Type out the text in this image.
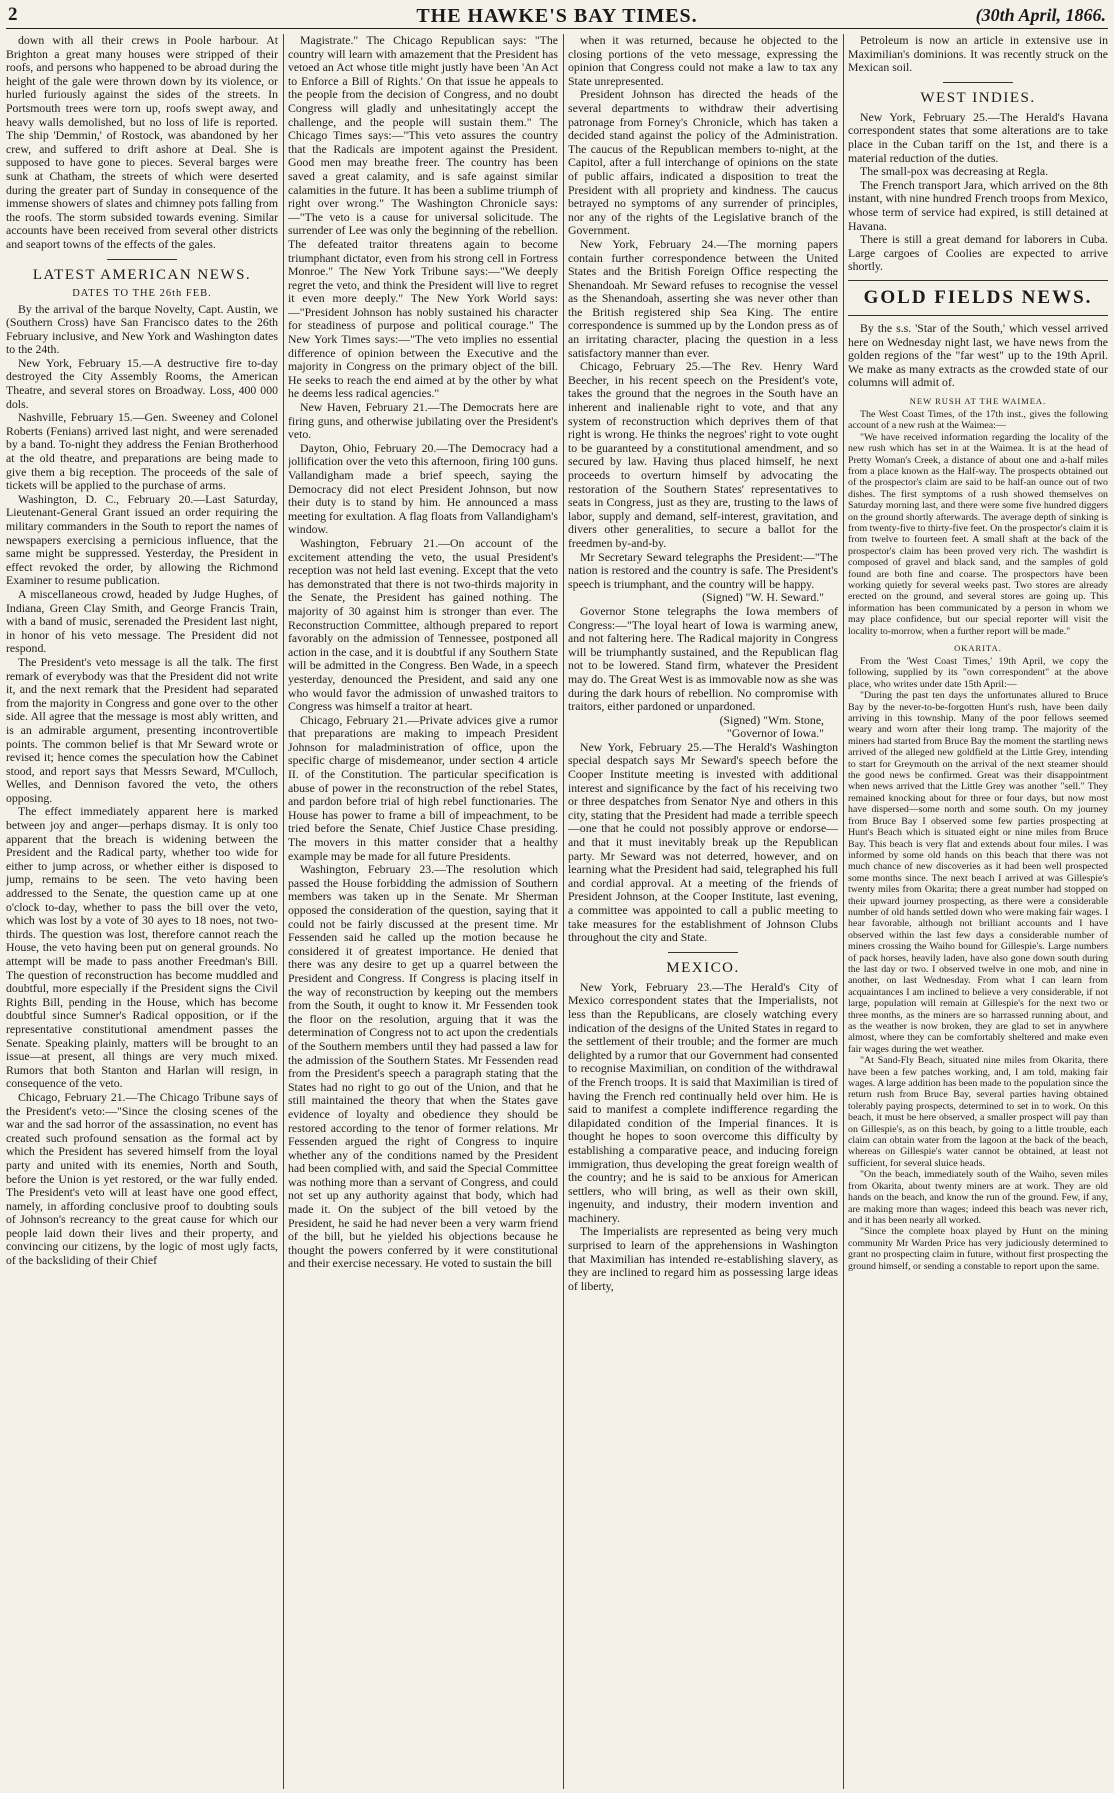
2	THE HAWKE'S BAY TIMES.	(30th April, 1866.

down with all their crews in Poole harbour. At Brighton a great many houses were stripped of their roofs, and persons who happened to be abroad during the height of the gale were thrown down by its violence, or hurled furiously against the sides of the streets. In Portsmouth trees were torn up, roofs swept away, and heavy walls demolished, but no loss of life is reported. The ship 'Demmin,' of Rostock, was abandoned by her crew, and suffered to drift ashore at Deal. She is supposed to have gone to pieces. Several barges were sunk at Chatham, the streets of which were deserted during the greater part of Sunday in consequence of the immense showers of slates and chimney pots falling from the roofs. The storm subsided towards evening. Similar accounts have been received from several other districts and seaport towns of the effects of the gales.

LATEST AMERICAN NEWS.
DATES TO THE 26th FEB.

By the arrival of the barque Novelty, Capt. Austin, we (Southern Cross) have San Francisco dates to the 26th February inclusive, and New York and Washington dates to the 24th.

New York, February 15.—A destructive fire to-day destroyed the City Assembly Rooms, the American Theatre, and several stores on Broadway. Loss, 400 000 dols.

Nashville, February 15.—Gen. Sweeney and Colonel Roberts (Fenians) arrived last night, and were serenaded by a band. To-night they address the Fenian Brotherhood at the old theatre, and preparations are being made to give them a big reception. The proceeds of the sale of tickets will be applied to the purchase of arms.

Washington, D. C., February 20.—Last Saturday, Lieutenant-General Grant issued an order requiring the military commanders in the South to report the names of newspapers exercising a pernicious influence, that the same might be suppressed. Yesterday, the President in effect revoked the order, by allowing the Richmond Examiner to resume publication.

A miscellaneous crowd, headed by Judge Hughes, of Indiana, Green Clay Smith, and George Francis Train, with a band of music, serenaded the President last night, in honor of his veto message. The President did not respond.

The President's veto message is all the talk. The first remark of everybody was that the President did not write it, and the next remark that the President had separated from the majority in Congress and gone over to the other side. All agree that the message is most ably written, and is an admirable argument, presenting incontrovertible points. The common belief is that Mr Seward wrote or revised it; hence comes the speculation how the Cabinet stood, and report says that Messrs Seward, M'Culloch, Welles, and Dennison favored the veto, the others opposing.

The effect immediately apparent here is marked between joy and anger—perhaps dismay. It is only too apparent that the breach is widening between the President and the Radical party, whether too wide for either to jump across, or whether either is disposed to jump, remains to be seen. The veto having been addressed to the Senate, the question came up at one o'clock to-day, whether to pass the bill over the veto, which was lost by a vote of 30 ayes to 18 noes, not two-thirds. The question was lost, therefore cannot reach the House, the veto having been put on general grounds. No attempt will be made to pass another Freedman's Bill. The question of reconstruction has become muddled and doubtful, more especially if the President signs the Civil Rights Bill, pending in the House, which has become doubtful since Sumner's Radical opposition, or if the representative constitutional amendment passes the Senate. Speaking plainly, matters will be brought to an issue—at present, all things are very much mixed. Rumors that both Stanton and Harlan will resign, in consequence of the veto.

Chicago, February 21.—The Chicago Tribune says of the President's veto:—"Since the closing scenes of the war and the sad horror of the assassination, no event has created such profound sensation as the formal act by which the President has severed himself from the loyal party and united with its enemies, North and South, before the Union is yet restored, or the war fully ended. The President's veto will at least have one good effect, namely, in affording conclusive proof to doubting souls of Johnson's recreancy to the great cause for which our people laid down their lives and their property, and convincing our citizens, by the logic of most ugly facts, of the backsliding of their Chief

Magistrate." The Chicago Republican says: "The country will learn with amazement that the President has vetoed an Act whose title might justly have been 'An Act to Enforce a Bill of Rights.' On that issue he appeals to the people from the decision of Congress, and no doubt Congress will gladly and unhesitatingly accept the challenge, and the people will sustain them." The Chicago Times says:—"This veto assures the country that the Radicals are impotent against the President. Good men may breathe freer. The country has been saved a great calamity, and is safe against similar calamities in the future. It has been a sublime triumph of right over wrong." The Washington Chronicle says:—"The veto is a cause for universal solicitude. The surrender of Lee was only the beginning of the rebellion. The defeated traitor threatens again to become triumphant dictator, even from his strong cell in Fortress Monroe." The New York Tribune says:—"We deeply regret the veto, and think the President will live to regret it even more deeply." The New York World says:—"President Johnson has nobly sustained his character for steadiness of purpose and political courage." The New York Times says:—"The veto implies no essential difference of opinion between the Executive and the majority in Congress on the primary object of the bill. He seeks to reach the end aimed at by the other by what he deems less radical agencies."

New Haven, February 21.—The Democrats here are firing guns, and otherwise jubilating over the President's veto.

Dayton, Ohio, February 20.—The Democracy had a jollification over the veto this afternoon, firing 100 guns. Vallandigham made a brief speech, saying the Democracy did not elect President Johnson, but now their duty is to stand by him. He announced a mass meeting for exultation. A flag floats from Vallandigham's window.

Washington, February 21.—On account of the excitement attending the veto, the usual President's reception was not held last evening. Except that the veto has demonstrated that there is not two-thirds majority in the Senate, the President has gained nothing. The majority of 30 against him is stronger than ever. The Reconstruction Committee, although prepared to report favorably on the admission of Tennessee, postponed all action in the case, and it is doubtful if any Southern State will be admitted in the Congress. Ben Wade, in a speech yesterday, denounced the President, and said any one who would favor the admission of unwashed traitors to Congress was himself a traitor at heart.

Chicago, February 21.—Private advices give a rumor that preparations are making to impeach President Johnson for maladministration of office, upon the specific charge of misdemeanor, under section 4 article II. of the Constitution. The particular specification is abuse of power in the reconstruction of the rebel States, and pardon before trial of high rebel functionaries. The House has power to frame a bill of impeachment, to be tried before the Senate, Chief Justice Chase presiding. The movers in this matter consider that a healthy example may be made for all future Presidents.

Washington, February 23.—The resolution which passed the House forbidding the admission of Southern members was taken up in the Senate. Mr Sherman opposed the consideration of the question, saying that it could not be fairly discussed at the present time. Mr Fessenden said he called up the motion because he considered it of greatest importance. He denied that there was any desire to get up a quarrel between the President and Congress. If Congress is placing itself in the way of reconstruction by keeping out the members from the South, it ought to know it. Mr Fessenden took the floor on the resolution, arguing that it was the determination of Congress not to act upon the credentials of the Southern members until they had passed a law for the admission of the Southern States. Mr Fessenden read from the President's speech a paragraph stating that the States had no right to go out of the Union, and that he still maintained the theory that when the States gave evidence of loyalty and obedience they should be restored according to the tenor of former relations. Mr Fessenden argued the right of Congress to inquire whether any of the conditions named by the President had been complied with, and said the Special Committee was nothing more than a servant of Congress, and could not set up any authority against that body, which had made it. On the subject of the bill vetoed by the President, he said he had never been a very warm friend of the bill, but he yielded his objections because he thought the powers conferred by it were constitutional and their exercise necessary. He voted to sustain the bill

when it was returned, because he objected to the closing portions of the veto message, expressing the opinion that Congress could not make a law to tax any State unrepresented.

President Johnson has directed the heads of the several departments to withdraw their advertising patronage from Forney's Chronicle, which has taken a decided stand against the policy of the Administration. The caucus of the Republican members to-night, at the Capitol, after a full interchange of opinions on the state of public affairs, indicated a disposition to treat the President with all propriety and kindness. The caucus betrayed no symptoms of any surrender of principles, nor any of the rights of the Legislative branch of the Government.

New York, February 24.—The morning papers contain further correspondence between the United States and the British Foreign Office respecting the Shenandoah. Mr Seward refuses to recognise the vessel as the Shenandoah, asserting she was never other than the British registered ship Sea King. The entire correspondence is summed up by the London press as of an irritating character, placing the question in a less satisfactory manner than ever.

Chicago, February 25.—The Rev. Henry Ward Beecher, in his recent speech on the President's vote, takes the ground that the negroes in the South have an inherent and inalienable right to vote, and that any system of reconstruction which deprives them of that right is wrong. He thinks the negroes' right to vote ought to be guaranteed by a constitutional amendment, and so secured by law. Having thus placed himself, he next proceeds to overturn himself by advocating the restoration of the Southern States' representatives to seats in Congress, just as they are, trusting to the laws of labor, supply and demand, self-interest, gravitation, and divers other generalities, to secure a ballot for the freedmen by-and-by.

Mr Secretary Seward telegraphs the President:—"The nation is restored and the country is safe. The President's speech is triumphant, and the country will be happy.

(Signed) "W. H. Seward."

Governor Stone telegraphs the Iowa members of Congress:—"The loyal heart of Iowa is warming anew, and not faltering here. The Radical majority in Congress will be triumphantly sustained, and the Republican flag not to be lowered. Stand firm, whatever the President may do. The Great West is as immovable now as she was during the dark hours of rebellion. No compromise with traitors, either pardoned or unpardoned.

(Signed) "Wm. Stone,

"Governor of Iowa."

New York, February 25.—The Herald's Washington special despatch says Mr Seward's speech before the Cooper Institute meeting is invested with additional interest and significance by the fact of his receiving two or three despatches from Senator Nye and others in this city, stating that the President had made a terrible speech—one that he could not possibly approve or endorse—and that it must inevitably break up the Republican party. Mr Seward was not deterred, however, and on learning what the President had said, telegraphed his full and cordial approval. At a meeting of the friends of President Johnson, at the Cooper Institute, last evening, a committee was appointed to call a public meeting to take measures for the establishment of Johnson Clubs throughout the city and State.

MEXICO.

New York, February 23.—The Herald's City of Mexico correspondent states that the Imperialists, not less than the Republicans, are closely watching every indication of the designs of the United States in regard to the settlement of their trouble; and the former are much delighted by a rumor that our Government had consented to recognise Maximilian, on condition of the withdrawal of the French troops. It is said that Maximilian is tired of having the French red continually held over him. He is said to manifest a complete indifference regarding the dilapidated condition of the Imperial finances. It is thought he hopes to soon overcome this difficulty by establishing a comparative peace, and inducing foreign immigration, thus developing the great foreign wealth of the country; and he is said to be anxious for American settlers, who will bring, as well as their own skill, ingenuity, and industry, their modern invention and machinery.

The Imperialists are represented as being very much surprised to learn of the apprehensions in Washington that Maximilian has intended re-establishing slavery, as they are inclined to regard him as possessing large ideas of liberty,

Petroleum is now an article in extensive use in Maximilian's dominions. It was recently struck on the Mexican soil.

WEST INDIES.

New York, February 25.—The Herald's Havana correspondent states that some alterations are to take place in the Cuban tariff on the 1st, and there is a material reduction of the duties.

The small-pox was decreasing at Regla.

The French transport Jara, which arrived on the 8th instant, with nine hundred French troops from Mexico, whose term of service had expired, is still detained at Havana.

There is still a great demand for laborers in Cuba. Large cargoes of Coolies are expected to arrive shortly.

GOLD FIELDS NEWS.

By the s.s. 'Star of the South,' which vessel arrived here on Wednesday night last, we have news from the golden regions of the "far west" up to the 19th April. We make as many extracts as the crowded state of our columns will admit of.

NEW RUSH AT THE WAIMEA.

The West Coast Times, of the 17th inst., gives the following account of a new rush at the Waimea:—

"We have received information regarding the locality of the new rush which has set in at the Waimea. It is at the head of Pretty Woman's Creek, a distance of about one and a-half miles from a place known as the Half-way. The prospects obtained out of the prospector's claim are said to be half-an ounce out of two dishes. The first symptoms of a rush showed themselves on Saturday morning last, and there were some five hundred diggers on the ground shortly afterwards. The average depth of sinking is from twenty-five to thirty-five feet. On the prospector's claim it is from twelve to fourteen feet. A small shaft at the back of the prospector's claim has been proved very rich. The washdirt is composed of gravel and black sand, and the samples of gold found are both fine and coarse. The prospectors have been working quietly for several weeks past. Two stores are already erected on the ground, and several stores are going up. This information has been communicated by a person in whom we may place confidence, but our special reporter will visit the locality to-morrow, when a further report will be made."

OKARITA.

From the 'West Coast Times,' 19th April, we copy the following, supplied by its "own correspondent" at the above place, who writes under date 15th April:—

"During the past ten days the unfortunates allured to Bruce Bay by the never-to-be-forgotten Hunt's rush, have been daily arriving in this township. Many of the poor fellows seemed weary and worn after their long tramp. The majority of the miners had started from Bruce Bay the moment the startling news arrived of the alleged new goldfield at the Little Grey, intending to start for Greymouth on the arrival of the next steamer should the good news be confirmed. Great was their disappointment when news arrived that the Little Grey was another "sell." They remained knocking about for three or four days, but now most have dispersed—some north and some south. On my journey from Bruce Bay I observed some few parties prospecting at Hunt's Beach which is situated eight or nine miles from Bruce Bay. This beach is very flat and extends about four miles. I was informed by some old hands on this beach that there was not much chance of new discoveries as it had been well prospected some months since. The next beach I arrived at was Gillespie's twenty miles from Okarita; there a great number had stopped on their upward journey prospecting, as there were a considerable number of old hands settled down who were making fair wages. I hear favorable, although not brilliant accounts and I have observed within the last few days a considerable number of miners crossing the Waiho bound for Gillespie's. Large numbers of pack horses, heavily laden, have also gone down south during the last day or two. I observed twelve in one mob, and nine in another, on last Wednesday. From what I can learn from acquaintances I am inclined to believe a very considerable, if not large, population will remain at Gillespie's for the next two or three months, as the miners are so harrassed running about, and as the weather is now broken, they are glad to set in anywhere almost, where they can be comfortably sheltered and make even fair wages during the wet weather.

"At Sand-Fly Beach, situated nine miles from Okarita, there have been a few patches working, and, I am told, making fair wages. A large addition has been made to the population since the return rush from Bruce Bay, several parties having obtained tolerably paying prospects, determined to set in to work. On this beach, it must be here observed, a smaller prospect will pay than on Gillespie's, as on this beach, by going to a little trouble, each claim can obtain water from the lagoon at the back of the beach, whereas on Gillespie's water cannot be obtained, at least not sufficient, for several sluice heads.

"On the beach, immediately south of the Waiho, seven miles from Okarita, about twenty miners are at work. They are old hands on the beach, and know the run of the ground. Few, if any, are making more than wages; indeed this beach was never rich, and it has been nearly all worked.

"Since the complete hoax played by Hunt on the mining community Mr Warden Price has very judiciously determined to grant no prospecting claim in future, without first prospecting the ground himself, or sending a constable to report upon the same.
